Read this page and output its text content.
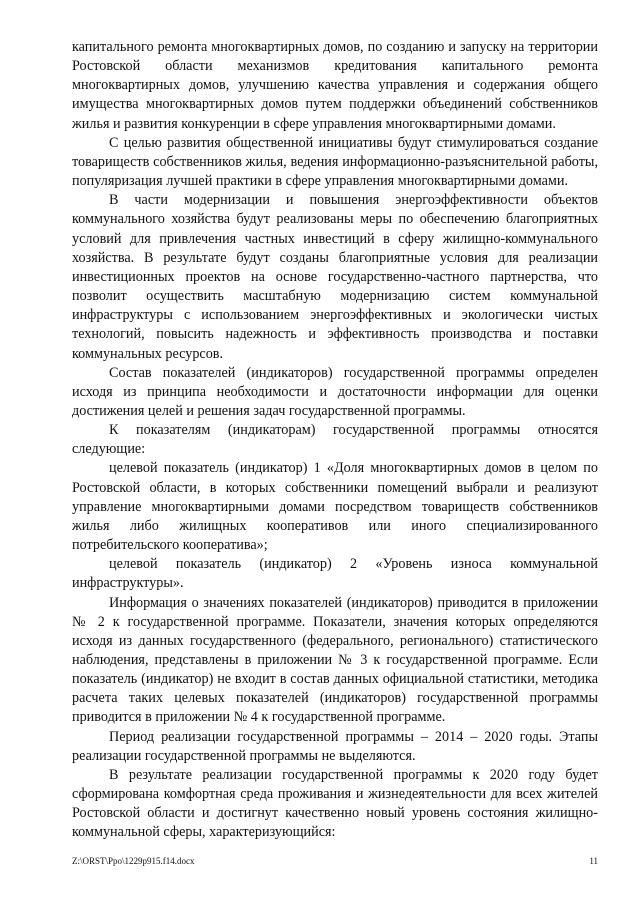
капитального ремонта многоквартирных домов, по созданию и запуску на территории Ростовской области механизмов кредитования капитального ремонта многоквартирных домов, улучшению качества управления и содержания общего имущества многоквартирных домов путем поддержки объединений собственников жилья и развития конкуренции в сфере управления многоквартирными домами.

С целью развития общественной инициативы будут стимулироваться создание товариществ собственников жилья, ведения информационно-разъяснительной работы, популяризация лучшей практики в сфере управления многоквартирными домами.

В части модернизации и повышения энергоэффективности объектов коммунального хозяйства будут реализованы меры по обеспечению благоприятных условий для привлечения частных инвестиций в сферу жилищно-коммунального хозяйства. В результате будут созданы благоприятные условия для реализации инвестиционных проектов на основе государственно-частного партнерства, что позволит осуществить масштабную модернизацию систем коммунальной инфраструктуры с использованием энергоэффективных и экологически чистых технологий, повысить надежность и эффективность производства и поставки коммунальных ресурсов.

Состав показателей (индикаторов) государственной программы определен исходя из принципа необходимости и достаточности информации для оценки достижения целей и решения задач государственной программы.

К показателям (индикаторам) государственной программы относятся следующие:

целевой показатель (индикатор) 1 «Доля многоквартирных домов в целом по Ростовской области, в которых собственники помещений выбрали и реализуют управление многоквартирными домами посредством товариществ собственников жилья либо жилищных кооперативов или иного специализированного потребительского кооператива»;

целевой показатель (индикатор) 2 «Уровень износа коммунальной инфраструктуры».

Информация о значениях показателей (индикаторов) приводится в приложении № 2 к государственной программе. Показатели, значения которых определяются исходя из данных государственного (федерального, регионального) статистического наблюдения, представлены в приложении № 3 к государственной программе. Если показатель (индикатор) не входит в состав данных официальной статистики, методика расчета таких целевых показателей (индикаторов) государственной программы приводится в приложении № 4 к государственной программе.

Период реализации государственной программы – 2014 – 2020 годы. Этапы реализации государственной программы не выделяются.

В результате реализации государственной программы к 2020 году будет сформирована комфортная среда проживания и жизнедеятельности для всех жителей Ростовской области и достигнут качественно новый уровень состояния жилищно-коммунальной сферы, характеризующийся:

Z:\ORST\Ppo\1229p915.f14.docx	11
